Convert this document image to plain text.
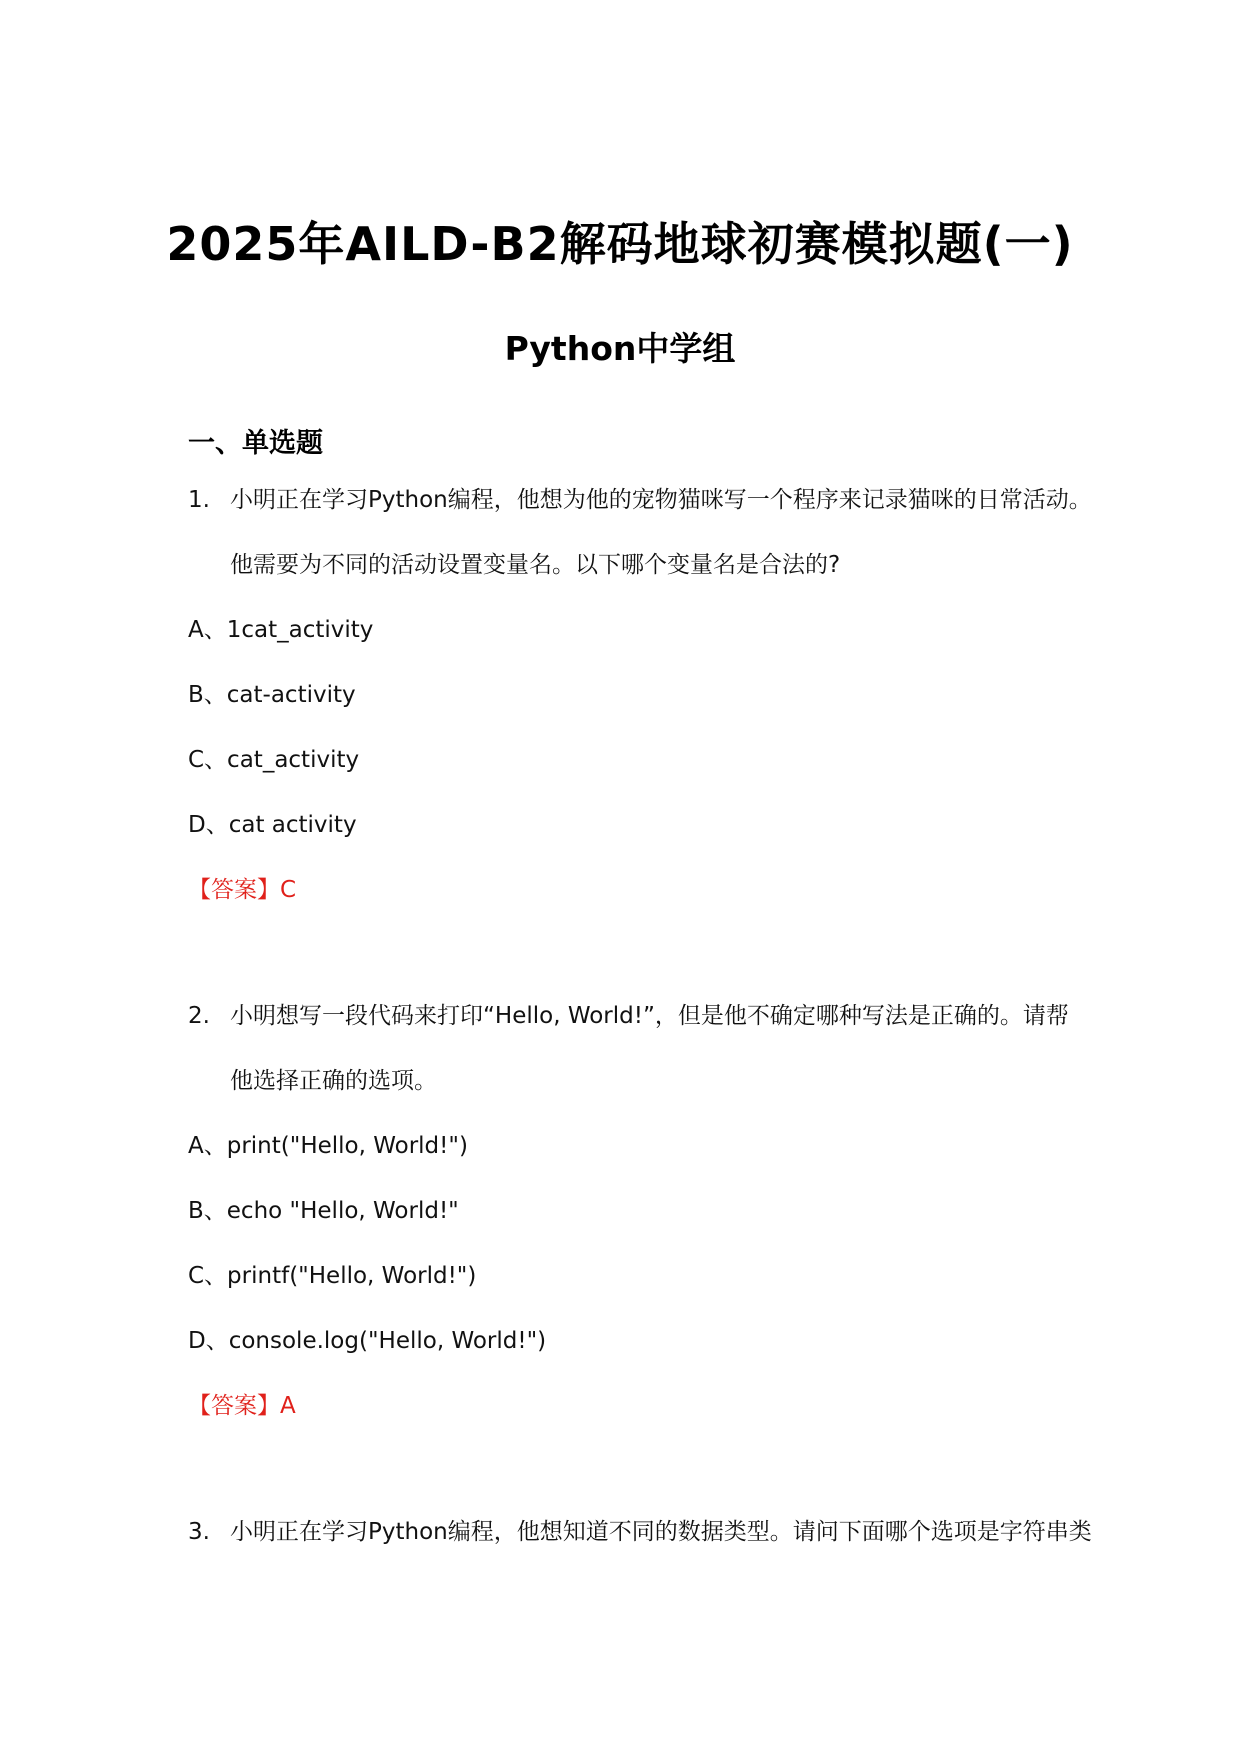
2025年AILD-B2解码地球初赛模拟题(一)
Python中学组
一、单选题
1. 小明正在学习Python编程，他想为他的宠物猫咪写一个程序来记录猫咪的日常活动。
他需要为不同的活动设置变量名。以下哪个变量名是合法的?
A、1cat_activity
B、cat-activity
C、cat_activity
D、cat activity
【答案】C
2. 小明想写一段代码来打印“Hello, World!”，但是他不确定哪种写法是正确的。请帮
他选择正确的选项。
A、print("Hello, World!")
B、echo "Hello, World!"
C、printf("Hello, World!")
D、console.log("Hello, World!")
【答案】A
3. 小明正在学习Python编程，他想知道不同的数据类型。请问下面哪个选项是字符串类
